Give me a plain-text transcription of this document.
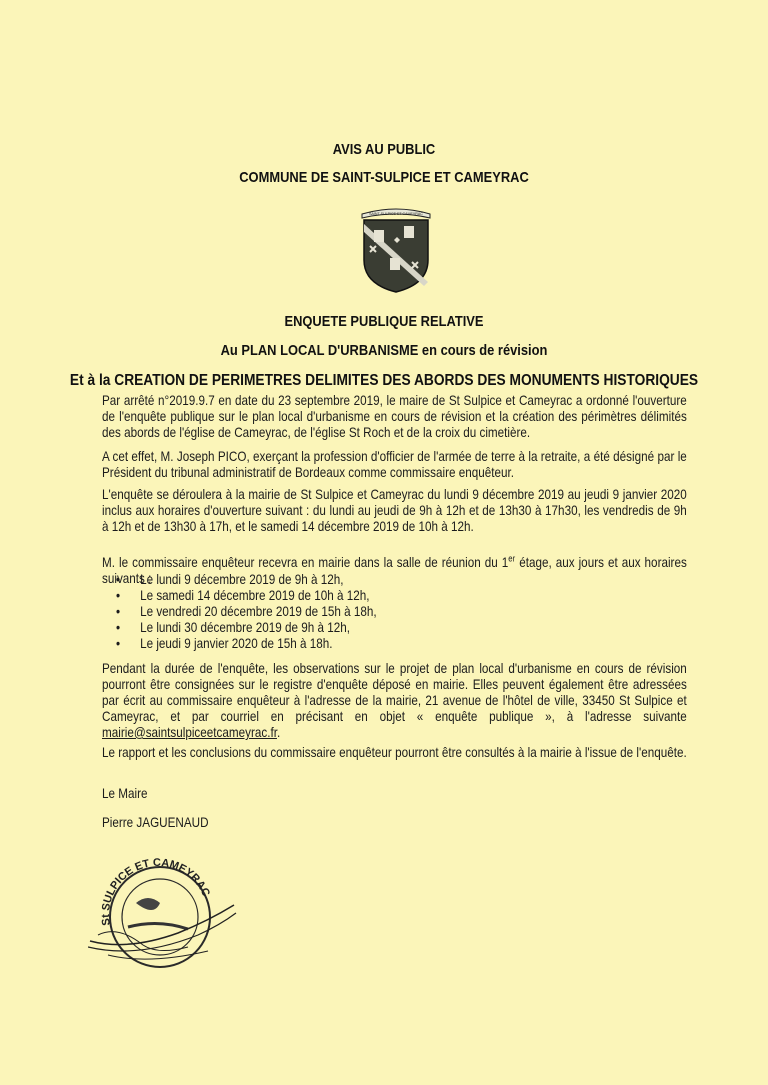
AVIS AU PUBLIC
COMMUNE DE SAINT-SULPICE ET CAMEYRAC
SAINT SULPICE ET CAMEYRAC
ENQUETE PUBLIQUE RELATIVE
Au PLAN LOCAL D'URBANISME en cours de révision
Et à la CREATION DE PERIMETRES DELIMITES DES ABORDS DES MONUMENTS HISTORIQUES
Par arrêté n°2019.9.7 en date du 23 septembre 2019, le maire de St Sulpice et Cameyrac a ordonné l'ouverture de l'enquête publique sur le plan local d'urbanisme en cours de révision et la création des périmètres délimités des abords de l'église de Cameyrac, de l'église St Roch et de la croix du cimetière.
A cet effet, M. Joseph PICO, exerçant la profession d'officier de l'armée de terre à la retraite, a été désigné par le Président du tribunal administratif de Bordeaux comme commissaire enquêteur.
L'enquête se déroulera à la mairie de St Sulpice et Cameyrac du lundi 9 décembre 2019 au jeudi 9 janvier 2020 inclus aux horaires d'ouverture suivant : du lundi au jeudi de 9h à 12h et de 13h30 à 17h30, les vendredis de 9h à 12h et de 13h30 à 17h, et le samedi 14 décembre 2019 de 10h à 12h.
M. le commissaire enquêteur recevra en mairie dans la salle de réunion du 1er étage, aux jours et aux horaires suivants :
• Le lundi 9 décembre 2019 de 9h à 12h,
• Le samedi 14 décembre 2019 de 10h à 12h,
• Le vendredi 20 décembre 2019 de 15h à 18h,
• Le lundi 30 décembre 2019 de 9h à 12h,
• Le jeudi 9 janvier 2020 de 15h à 18h.
Pendant la durée de l'enquête, les observations sur le projet de plan local d'urbanisme en cours de révision pourront être consignées sur le registre d'enquête déposé en mairie. Elles peuvent également être adressées par écrit au commissaire enquêteur à l'adresse de la mairie, 21 avenue de l'hôtel de ville, 33450 St Sulpice et Cameyrac, et par courriel en précisant en objet « enquête publique », à l'adresse suivante mairie@saintsulpiceetcameyrac.fr.
Le rapport et les conclusions du commissaire enquêteur pourront être consultés à la mairie à l'issue de l'enquête.
Le Maire
Pierre JAGUENAUD
St SULPICE ET CAMEYRAC
